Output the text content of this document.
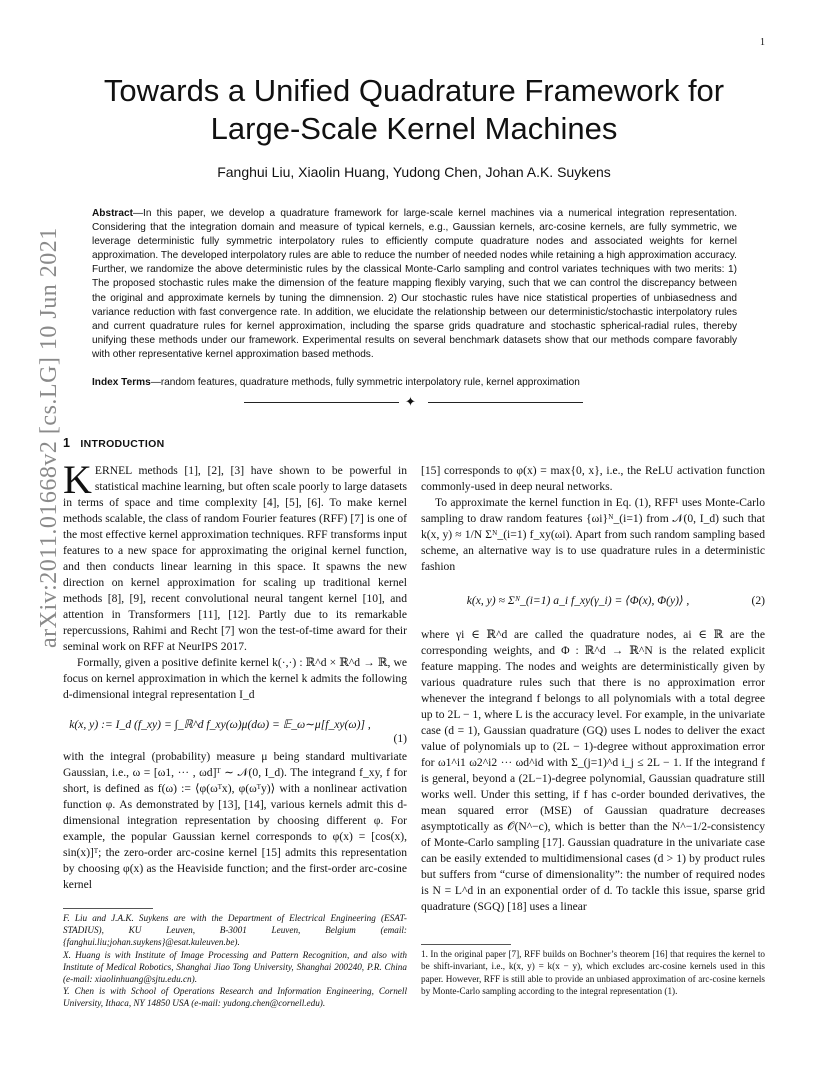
1
arXiv:2011.01668v2 [cs.LG] 10 Jun 2021
Towards a Unified Quadrature Framework for
Large-Scale Kernel Machines
Fanghui Liu, Xiaolin Huang, Yudong Chen, Johan A.K. Suykens
Abstract—In this paper, we develop a quadrature framework for large-scale kernel machines via a numerical integration representation. Considering that the integration domain and measure of typical kernels, e.g., Gaussian kernels, arc-cosine kernels, are fully symmetric, we leverage deterministic fully symmetric interpolatory rules to efficiently compute quadrature nodes and associated weights for kernel approximation. The developed interpolatory rules are able to reduce the number of needed nodes while retaining a high approximation accuracy. Further, we randomize the above deterministic rules by the classical Monte-Carlo sampling and control variates techniques with two merits: 1) The proposed stochastic rules make the dimension of the feature mapping flexibly varying, such that we can control the discrepancy between the original and approximate kernels by tuning the dimnension. 2) Our stochastic rules have nice statistical properties of unbiasedness and variance reduction with fast convergence rate. In addition, we elucidate the relationship between our deterministic/stochastic interpolatory rules and current quadrature rules for kernel approximation, including the sparse grids quadrature and stochastic spherical-radial rules, thereby unifying these methods under our framework. Experimental results on several benchmark datasets show that our methods compare favorably with other representative kernel approximation based methods.
Index Terms—random features, quadrature methods, fully symmetric interpolatory rule, kernel approximation
✦
1 INTRODUCTION

KERNEL methods [1], [2], [3] have shown to be powerful in statistical machine learning, but often scale poorly to large datasets in terms of space and time complexity [4], [5], [6]. To make kernel methods scalable, the class of random Fourier features (RFF) [7] is one of the most effective kernel approximation techniques. RFF transforms input features to a new space for approximating the original kernel function, and then conducts linear learning in this space. It spawns the new direction on kernel approximation for scaling up traditional kernel methods [8], [9], recent convolutional neural tangent kernel [10], and attention in Transformers [11], [12]. Partly due to its remarkable repercussions, Rahimi and Recht [7] won the test-of-time award for their seminal work on RFF at NeurIPS 2017.

Formally, given a positive definite kernel k(·,·) : ℝ^d × ℝ^d → ℝ, we focus on kernel approximation in which the kernel k admits the following d-dimensional integral representation I_d

k(x, y) := I_d (f_xy) = ∫_ℝ^d f_xy(ω)μ(dω) = 𝔼_ω∼μ[f_xy(ω)] ,
(1)

with the integral (probability) measure μ being standard multivariate Gaussian, i.e., ω = [ω1, ··· , ωd]ᵀ ∼ 𝒩(0, I_d). The integrand f_xy, f for short, is defined as f(ω) := ⟨φ(ωᵀx), φ(ωᵀy)⟩ with a nonlinear activation function φ. As demonstrated by [13], [14], various kernels admit this d-dimensional integration representation by choosing different φ. For example, the popular Gaussian kernel corresponds to φ(x) = [cos(x), sin(x)]ᵀ; the zero-order arc-cosine kernel [15] admits this representation by choosing φ(x) as the Heaviside function; and the first-order arc-cosine kernel

F. Liu and J.A.K. Suykens are with the Department of Electrical Engineering (ESAT-STADIUS), KU Leuven, B-3001 Leuven, Belgium (email: {fanghui.liu;johan.suykens}@esat.kuleuven.be).

X. Huang is with Institute of Image Processing and Pattern Recognition, and also with Institute of Medical Robotics, Shanghai Jiao Tong University, Shanghai 200240, P.R. China (e-mail: xiaolinhuang@sjtu.edu.cn).

Y. Chen is with School of Operations Research and Information Engineering, Cornell University, Ithaca, NY 14850 USA (e-mail: yudong.chen@cornell.edu).

[15] corresponds to φ(x) = max{0, x}, i.e., the ReLU activation function commonly-used in deep neural networks.

To approximate the kernel function in Eq. (1), RFF¹ uses Monte-Carlo sampling to draw random features {ωi}ᴺ_(i=1) from 𝒩(0, I_d) such that k(x, y) ≈ 1/N Σᴺ_(i=1) f_xy(ωi). Apart from such random sampling based scheme, an alternative way is to use quadrature rules in a deterministic fashion

k(x, y) ≈ Σᴺ_(i=1) a_i f_xy(γ_i) = ⟨Φ(x), Φ(y)⟩ ,	(2)

where γi ∈ ℝ^d are called the quadrature nodes, ai ∈ ℝ are the corresponding weights, and Φ : ℝ^d → ℝ^N is the related explicit feature mapping. The nodes and weights are deterministically given by various quadrature rules such that there is no approximation error whenever the integrand f belongs to all polynomials with a total degree up to 2L − 1, where L is the accuracy level. For example, in the univariate case (d = 1), Gaussian quadrature (GQ) uses L nodes to deliver the exact value of polynomials up to (2L − 1)-degree without approximation error for ω1^i1 ω2^i2 ··· ωd^id with Σ_(j=1)^d i_j ≤ 2L − 1. If the integrand f is general, beyond a (2L−1)-degree polynomial, Gaussian quadrature still works well. Under this setting, if f has c-order bounded derivatives, the mean squared error (MSE) of Gaussian quadrature decreases asymptotically as 𝒪(N^−c), which is better than the N^−1/2-consistency of Monte-Carlo sampling [17]. Gaussian quadrature in the univariate case can be easily extended to multidimensional cases (d > 1) by product rules but suffers from “curse of dimensionality”: the number of required nodes is N = L^d in an exponential order of d. To tackle this issue, sparse grid quadrature (SGQ) [18] uses a linear

1. In the original paper [7], RFF builds on Bochner’s theorem [16] that requires the kernel to be shift-invariant, i.e., k(x, y) = k(x − y), which excludes arc-cosine kernels used in this paper. However, RFF is still able to provide an unbiased approximation of arc-cosine kernels by Monte-Carlo sampling according to the integral representation (1).
